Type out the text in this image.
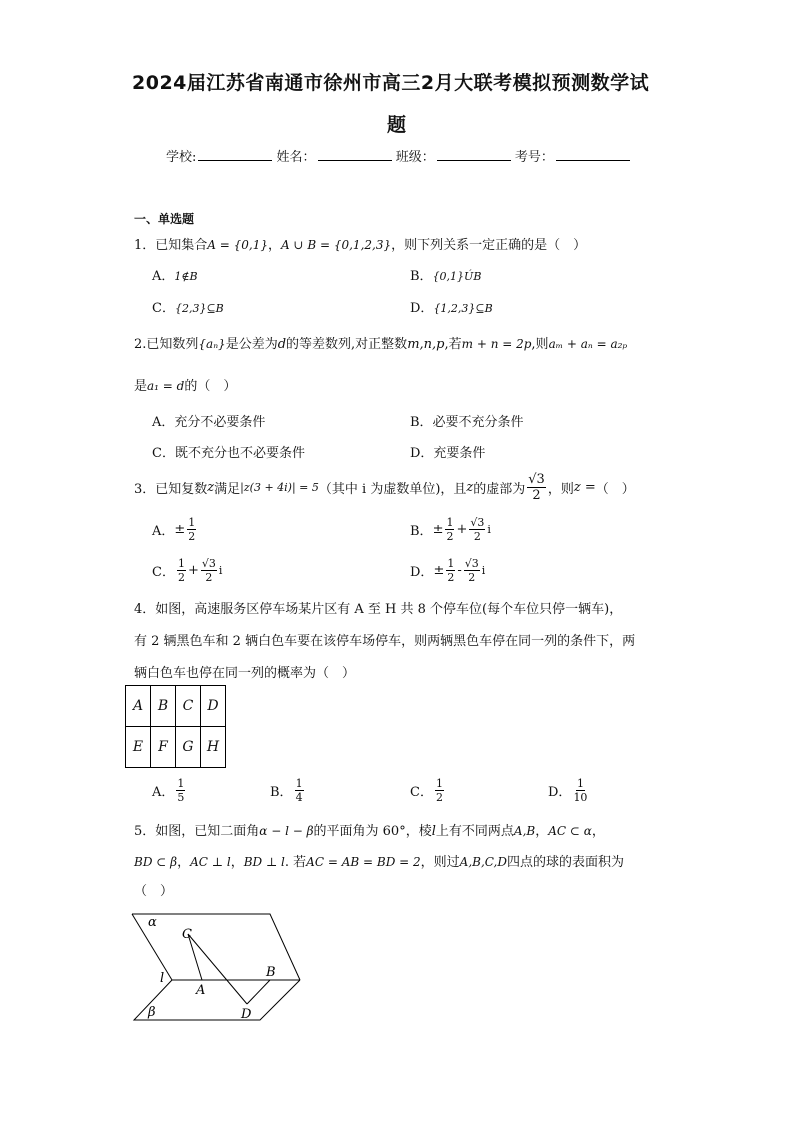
2024届江苏省南通市徐州市高三2月大联考模拟预测数学试
题
学校:	姓名：	班级：	考号：
一、单选题
1．已知集合A = {0,1}，A ∪ B = {0,1,2,3}，则下列关系一定正确的是（　）
A．1∉B	B．{0,1}ÚB
C．{2,3}⊆B	D．{1,2,3}⊆B
2.已知数列{aₙ}是公差为d的等差数列,对正整数m,n,p,若m + n = 2p,则aₘ + aₙ = a₂ₚ
是a₁ = d的（　）
A．充分不必要条件	B．必要不充分条件
C．既不充分也不必要条件	D．充要条件
3．已知复数 z 满足 |z(3 + 4i)| = 5 （其中 i 为虚数单位)，且 z 的虚部为 $\frac{√3}{2}$ ，则 z = （　）
A． ± $\frac{1}{2}$	B． ± $\frac{1}{2} + \frac{√3}{2}$ i
C． $\frac{1}{2} + \frac{√3}{2}$ i	D． ± $\frac{1}{2} - \frac{√3}{2}$ i
4．如图，高速服务区停车场某片区有 A 至 H 共 8 个停车位(每个车位只停一辆车)，
有 2 辆黑色车和 2 辆白色车要在该停车场停车，则两辆黑色车停在同一列的条件下，两
辆白色车也停在同一列的概率为（　）
A	B	C	D
E	F	G	H
A． $\frac{1}{5}$	B． $\frac{1}{4}$	C． $\frac{1}{2}$	D． $\frac{1}{10}$
5．如图，已知二面角α − l − β的平面角为 60°，棱l上有不同两点A,B，AC ⊂ α，
BD ⊂ β，AC ⊥ l，BD ⊥ l. 若AC = AB = BD = 2，则过A,B,C,D四点的球的表面积为
（　）
α
β
l
C
A
B
D
